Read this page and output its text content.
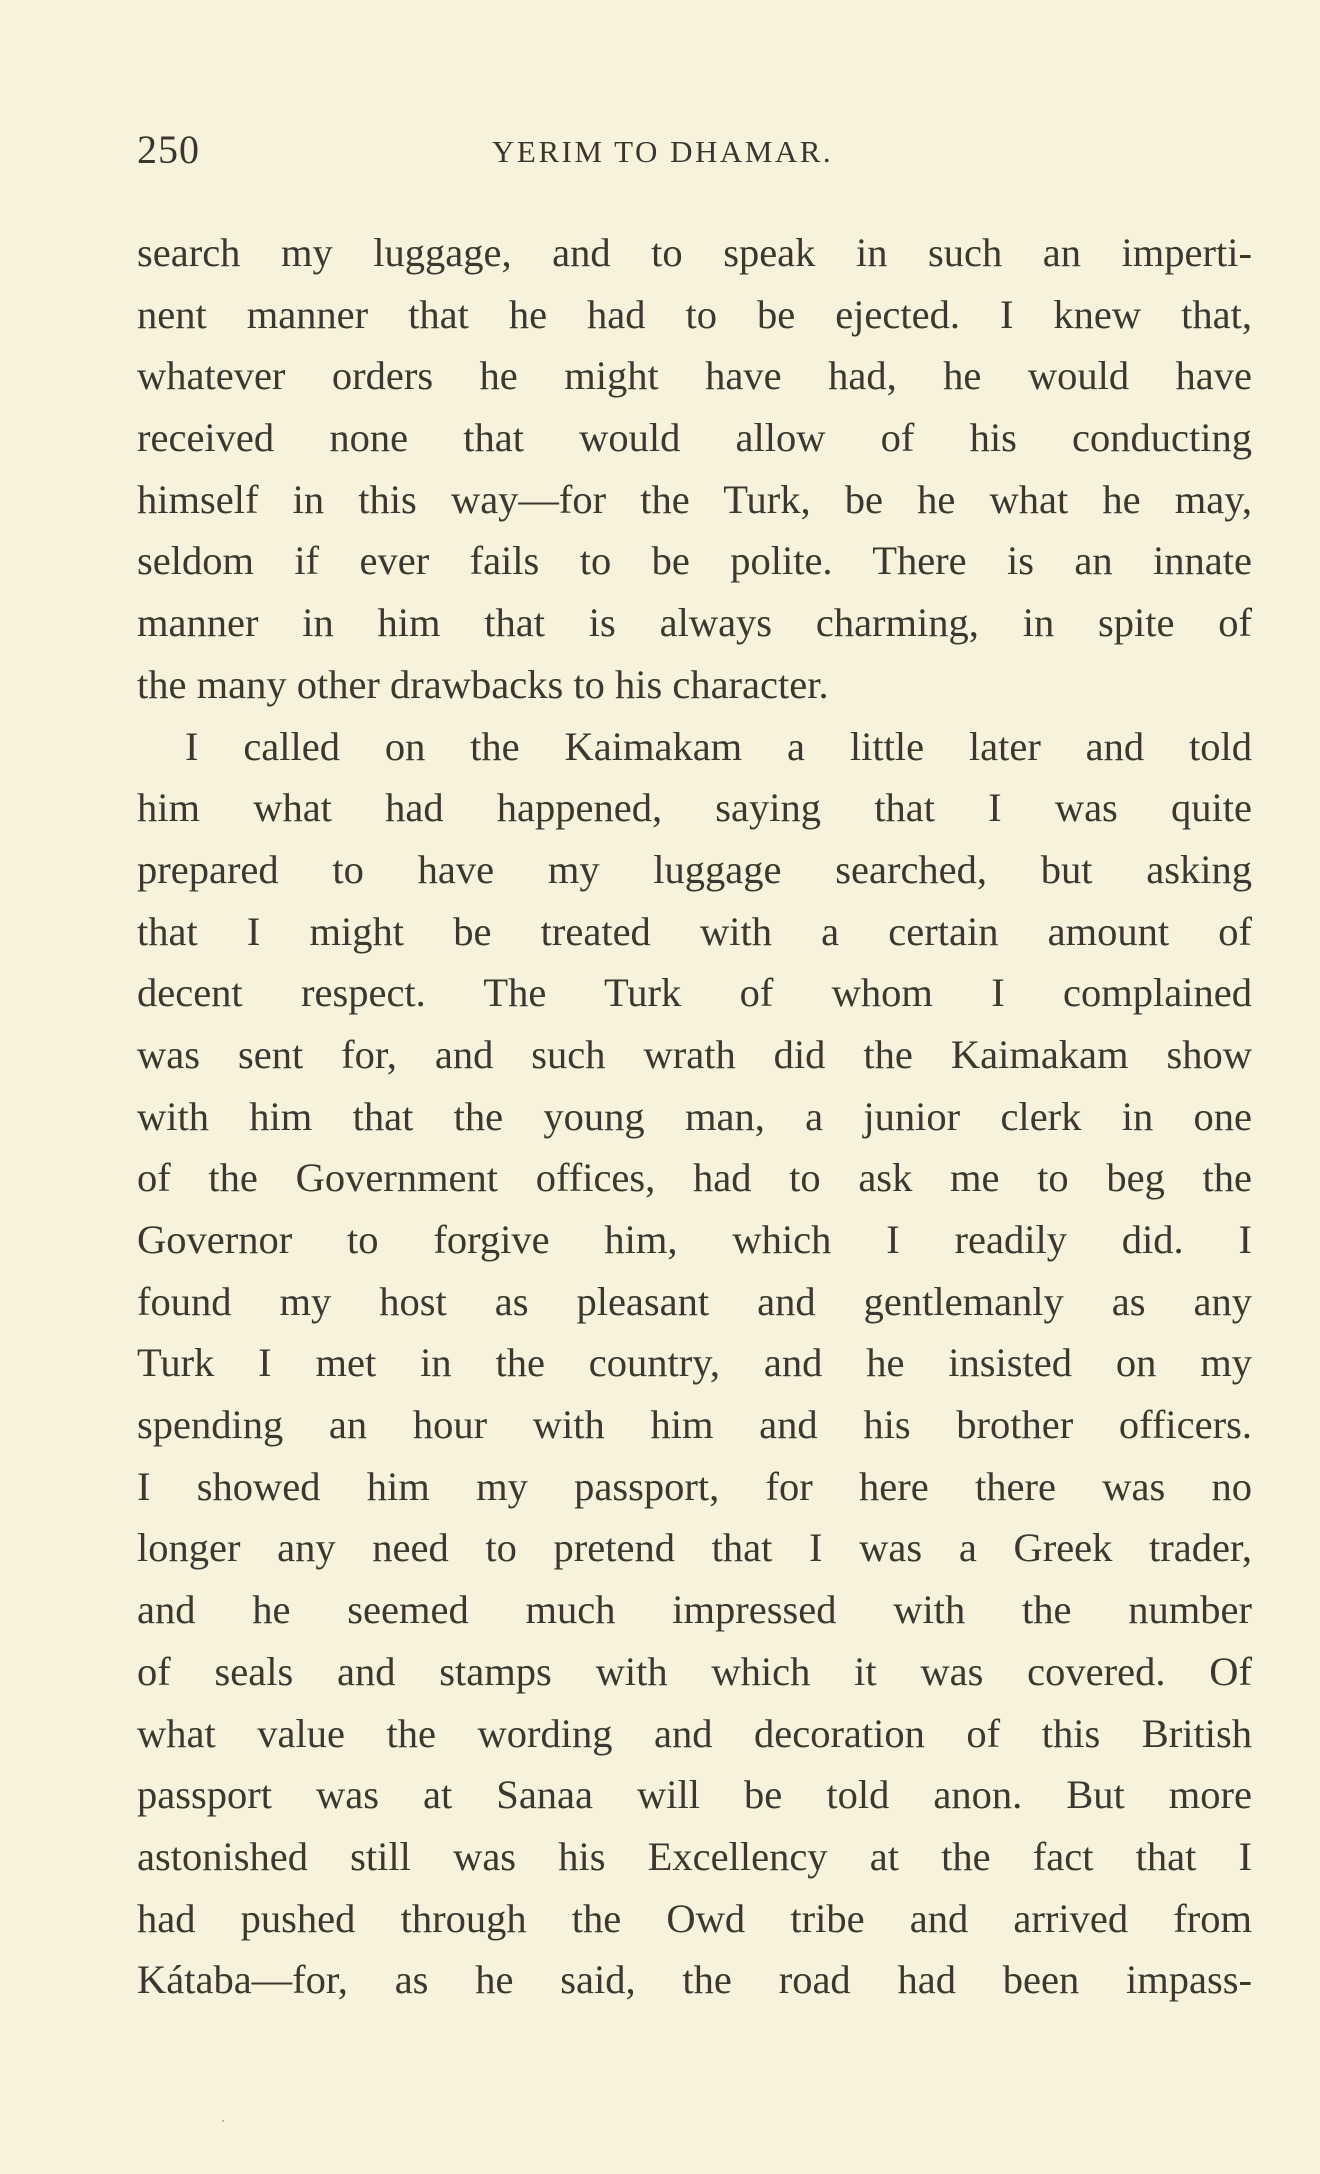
250	YERIM TO DHAMAR.
search my luggage, and to speak in such an imperti-
nent manner that he had to be ejected. I knew that,
whatever orders he might have had, he would have
received none that would allow of his conducting
himself in this way—for the Turk, be he what he may,
seldom if ever fails to be polite. There is an innate
manner in him that is always charming, in spite of
the many other drawbacks to his character.
I called on the Kaimakam a little later and told
him what had happened, saying that I was quite
prepared to have my luggage searched, but asking
that I might be treated with a certain amount of
decent respect. The Turk of whom I complained
was sent for, and such wrath did the Kaimakam show
with him that the young man, a junior clerk in one
of the Government offices, had to ask me to beg the
Governor to forgive him, which I readily did. I
found my host as pleasant and gentlemanly as any
Turk I met in the country, and he insisted on my
spending an hour with him and his brother officers.
I showed him my passport, for here there was no
longer any need to pretend that I was a Greek trader,
and he seemed much impressed with the number
of seals and stamps with which it was covered. Of
what value the wording and decoration of this British
passport was at Sanaa will be told anon. But more
astonished still was his Excellency at the fact that I
had pushed through the Owd tribe and arrived from
Kátaba—for, as he said, the road had been impass-
